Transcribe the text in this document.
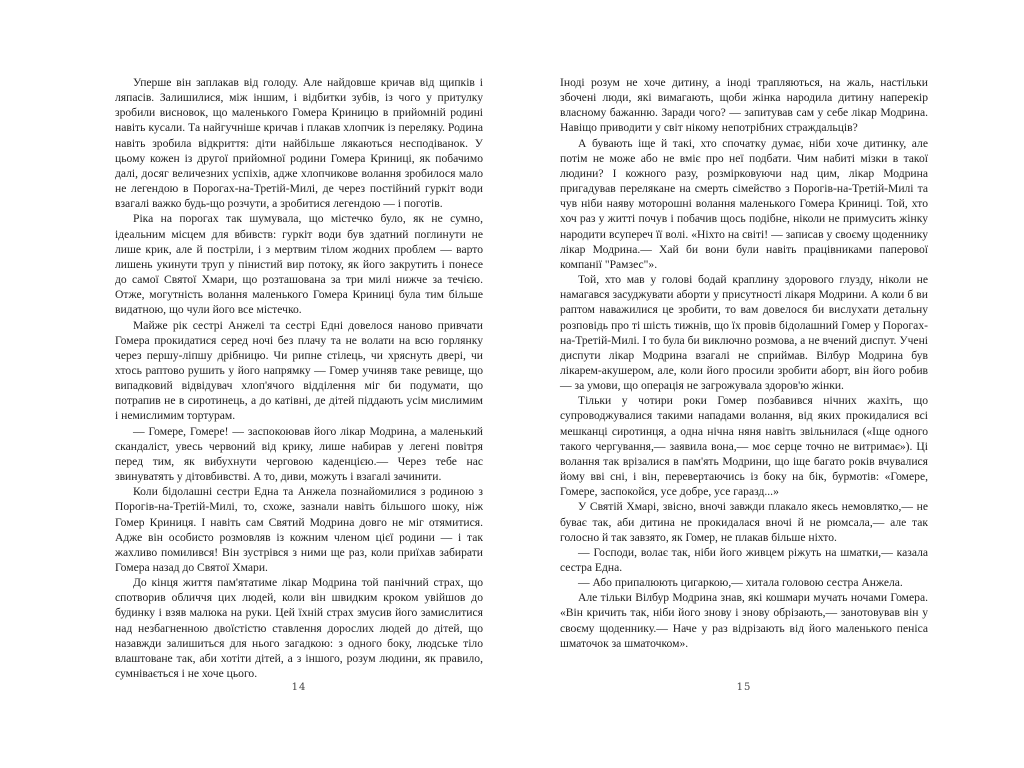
Уперше він заплакав від голоду. Але найдовше кричав від щипків і ляпасів. Залишилися, між іншим, і відбитки зубів, із чого у притулку зробили висновок, що маленького Гомера Криницю в прийомній родині навіть кусали. Та найгучніше кричав і плакав хлопчик із переляку. Родина навіть зробила відкриття: діти найбільше лякаються несподіванок. У цьому кожен із другої прийомної родини Гомера Криниці, як побачимо далі, досяг величезних успіхів, адже хлопчикове волання зробилося мало не легендою в Порогах-на-Третій-Милі, де через постійний гуркіт води взагалі важко будь-що розчути, а зробитися легендою — і поготів.

Ріка на порогах так шумувала, що містечко було, як не сумно, ідеальним місцем для вбивств: гуркіт води був здатний поглинути не лише крик, але й постріли, і з мертвим тілом жодних проблем — варто лишень укинути труп у пінистий вир потоку, як його закрутить і понесе до самої Святої Хмари, що розташована за три милі нижче за течією. Отже, могутність волання маленького Гомера Криниці була тим більше видатною, що чули його все містечко.

Майже рік сестрі Анжелі та сестрі Едні довелося наново привчати Гомера прокидатися серед ночі без плачу та не волати на всю горлянку через першу-ліпшу дрібницю. Чи рипне стілець, чи хряснуть двері, чи хтось раптово рушить у його напрямку — Гомер учиняв таке ревище, що випадковий відвідувач хлоп'ячого відділення міг би подумати, що потрапив не в сиротинець, а до катівні, де дітей піддають усім мислимим і немислимим тортурам.

— Гомере, Гомере! — заспокоював його лікар Модрина, а маленький скандаліст, увесь червоний від крику, лише набирав у легені повітря перед тим, як вибухнути черговою каденцією.— Через тебе нас звинуватять у дітовбивстві. А то, диви, можуть і взагалі зачинити.

Коли бідолашні сестри Една та Анжела познайомилися з родиною з Порогів-на-Третій-Милі, то, схоже, зазнали навіть більшого шоку, ніж Гомер Криниця. І навіть сам Святий Модрина довго не міг отямитися. Адже він особисто розмовляв із кожним членом цієї родини — і так жахливо помилився! Він зустрівся з ними ще раз, коли приїхав забирати Гомера назад до Святої Хмари.

До кінця життя пам'ятатиме лікар Модрина той панічний страх, що спотворив обличчя цих людей, коли він швидким кроком увійшов до будинку і взяв малюка на руки. Цей їхній страх змусив його замислитися над незбагненною двоїстістю ставлення дорослих людей до дітей, що назавжди залишиться для нього загадкою: з одного боку, людське тіло влаштоване так, аби хотіти дітей, а з іншого, розум людини, як правило, сумнівається і не хоче цього.

14

Іноді розум не хоче дитину, а іноді трапляються, на жаль, настільки збочені люди, які вимагають, щоби жінка народила дитину наперекір власному бажанню. Заради чого? — запитував сам у себе лікар Модрина. Навіщо приводити у світ нікому непотрібних страждальців?

А бувають іще й такі, хто спочатку думає, ніби хоче дитинку, але потім не може або не вміє про неї подбати. Чим набиті мізки в такої людини? І кожного разу, розмірковуючи над цим, лікар Модрина пригадував переляканe на смерть сімейство з Порогів-на-Третій-Милі та чув ніби наяву моторошні волання маленького Гомера Криниці. Той, хто хоч раз у житті почув і побачив щось подібне, ніколи не примусить жінку народити всупереч її волі. «Ніхто на світі! — записав у своєму щоденнику лікар Модрина.— Хай би вони були навіть працівниками паперової компанії "Рамзес"».

Той, хто мав у голові бодай краплину здорового глузду, ніколи не намагався засуджувати аборти у присутності лікаря Модрини. А коли б ви раптом наважилися це зробити, то вам довелося би вислухати детальну розповідь про ті шість тижнів, що їх провів бідолашний Гомер у Порогах-на-Третій-Милі. І то була би виключно розмова, а не вчений диспут. Учені диспути лікар Модрина взагалі не сприймав. Вілбур Модрина був лікарем-акушером, але, коли його просили зробити аборт, він його робив — за умови, що операція не загрожувала здоров'ю жінки.

Тільки у чотири роки Гомер позбавився нічних жахіть, що супроводжувалися такими нападами волання, від яких прокидалися всі мешканці сиротинця, а одна нічна няня навіть звільнилася («Іще одного такого чергування,— заявила вона,— моє серце точно не витримає»). Ці волання так врізалися в пам'ять Модрини, що іще багато років вчувалися йому вві сні, і він, перевертаючись із боку на бік, бурмотів: «Гомере, Гомере, заспокойся, усе добре, усе гаразд...»

У Святій Хмарі, звісно, вночі завжди плакало якесь немовлятко,— не буває так, аби дитина не прокидалася вночі й не рюмсала,— але так голосно й так завзято, як Гомер, не плакав більше ніхто.

— Господи, волає так, ніби його живцем ріжуть на шматки,— казала сестра Една.

— Або припалюють цигаркою,— хитала головою сестра Анжела.

Але тільки Вілбур Модрина знав, які кошмари мучать ночами Гомера. «Він кричить так, ніби його знову і знову обрізають,— занотовував він у своєму щоденнику.— Наче у раз відрізають від його маленького пеніса шматочок за шматочком».

15
